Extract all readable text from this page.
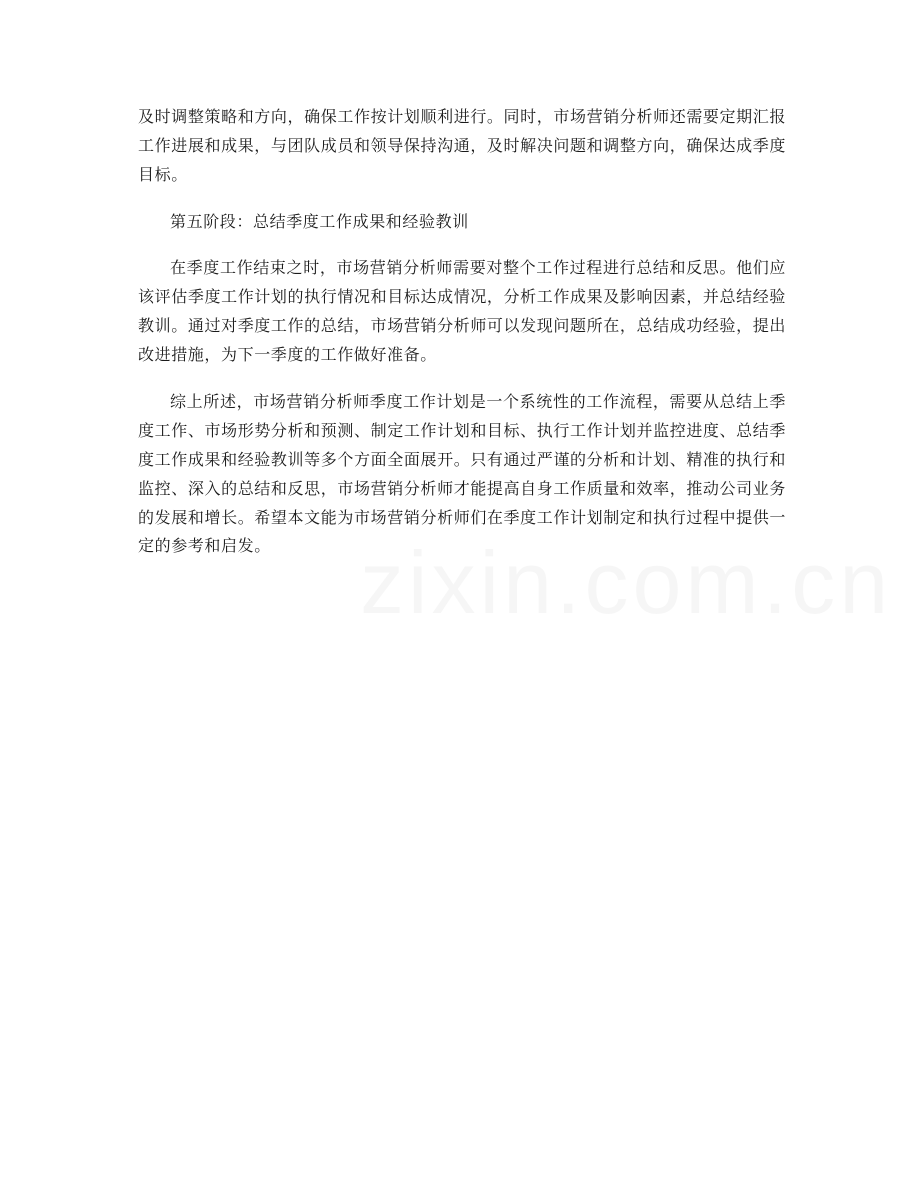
及时调整策略和方向，确保工作按计划顺利进行。同时，市场营销分析师还需要定期汇报工作进展和成果，与团队成员和领导保持沟通，及时解决问题和调整方向，确保达成季度目标。

第五阶段：总结季度工作成果和经验教训

在季度工作结束之时，市场营销分析师需要对整个工作过程进行总结和反思。他们应该评估季度工作计划的执行情况和目标达成情况，分析工作成果及影响因素，并总结经验教训。通过对季度工作的总结，市场营销分析师可以发现问题所在，总结成功经验，提出改进措施，为下一季度的工作做好准备。

综上所述，市场营销分析师季度工作计划是一个系统性的工作流程，需要从总结上季度工作、市场形势分析和预测、制定工作计划和目标、执行工作计划并监控进度、总结季度工作成果和经验教训等多个方面全面展开。只有通过严谨的分析和计划、精准的执行和监控、深入的总结和反思，市场营销分析师才能提高自身工作质量和效率，推动公司业务的发展和增长。希望本文能为市场营销分析师们在季度工作计划制定和执行过程中提供一定的参考和启发。
